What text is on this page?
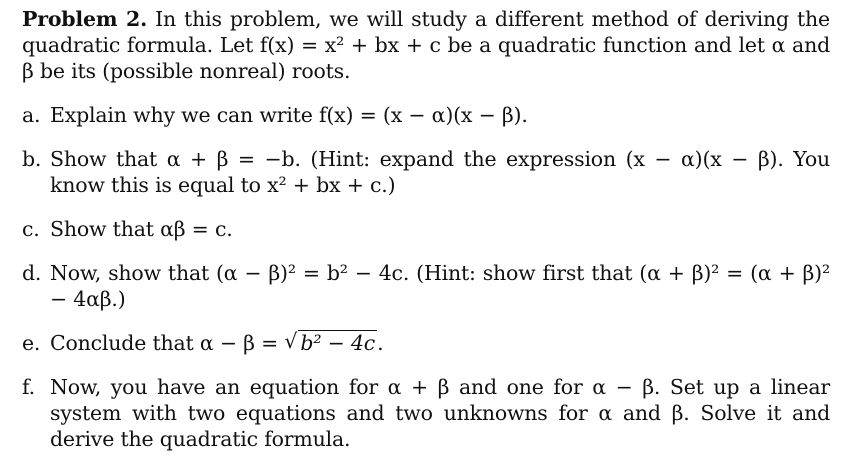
Problem 2. In this problem, we will study a different method of deriving the quadratic formula. Let f(x) = x² + bx + c be a quadratic function and let α and β be its (possible nonreal) roots.

a. Explain why we can write f(x) = (x − α)(x − β).
b. Show that α + β = −b. (Hint: expand the expression (x − α)(x − β). You know this is equal to x² + bx + c.)
c. Show that αβ = c.
d. Now, show that (α − β)² = b² − 4c. (Hint: show first that (α + β)² = (α + β)² − 4αβ.)
e. Conclude that α − β = √ b² − 4c.
f. Now, you have an equation for α + β and one for α − β. Set up a linear system with two equations and two unknowns for α and β. Solve it and derive the quadratic formula.
